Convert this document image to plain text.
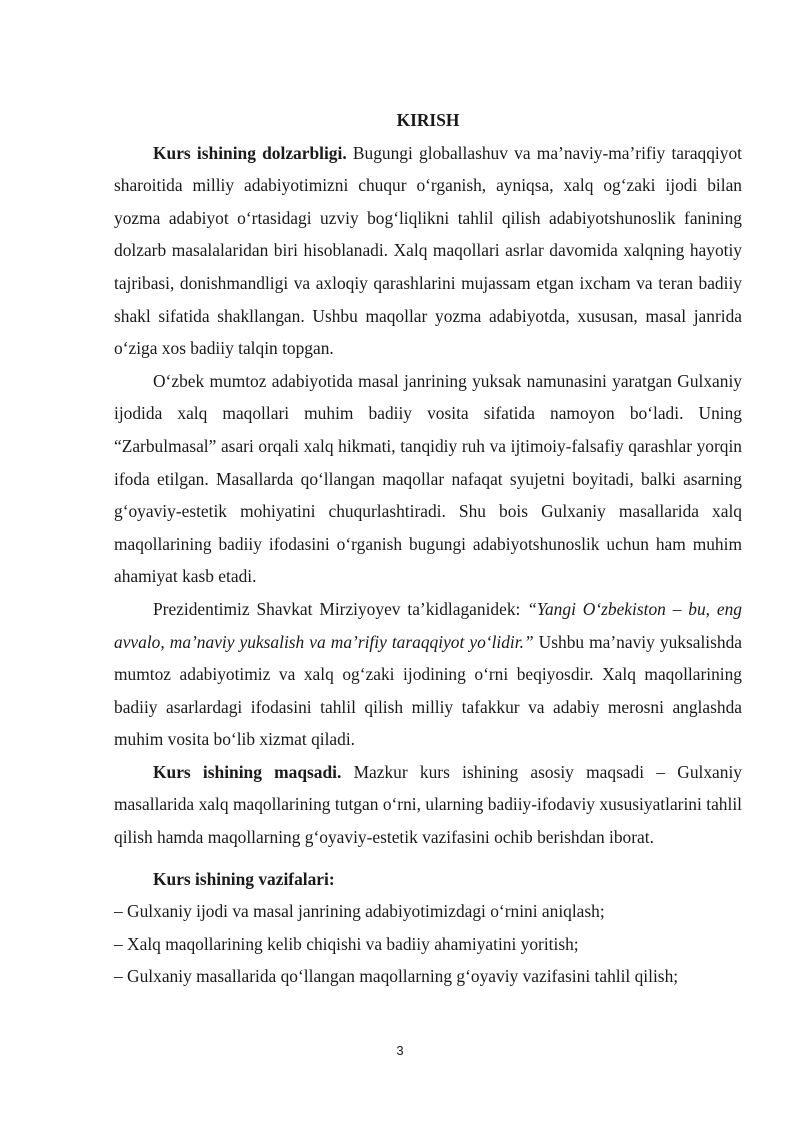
KIRISH

Kurs ishining dolzarbligi. Bugungi globallashuv va ma’naviy-ma’rifiy taraqqiyot sharoitida milliy adabiyotimizni chuqur o‘rganish, ayniqsa, xalq og‘zaki ijodi bilan yozma adabiyot o‘rtasidagi uzviy bog‘liqlikni tahlil qilish adabiyotshunoslik fanining dolzarb masalalaridan biri hisoblanadi. Xalq maqollari asrlar davomida xalqning hayotiy tajribasi, donishmandligi va axloqiy qarashlarini mujassam etgan ixcham va teran badiiy shakl sifatida shakllangan. Ushbu maqollar yozma adabiyotda, xususan, masal janrida o‘ziga xos badiiy talqin topgan.

O‘zbek mumtoz adabiyotida masal janrining yuksak namunasini yaratgan Gulxaniy ijodida xalq maqollari muhim badiiy vosita sifatida namoyon bo‘ladi. Uning “Zarbulmasal” asari orqali xalq hikmati, tanqidiy ruh va ijtimoiy-falsafiy qarashlar yorqin ifoda etilgan. Masallarda qo‘llangan maqollar nafaqat syujetni boyitadi, balki asarning g‘oyaviy-estetik mohiyatini chuqurlashtiradi. Shu bois Gulxaniy masallarida xalq maqollarining badiiy ifodasini o‘rganish bugungi adabiyotshunoslik uchun ham muhim ahamiyat kasb etadi.

Prezidentimiz Shavkat Mirziyoyev ta’kidlaganidek: “Yangi O‘zbekiston – bu, eng avvalo, ma’naviy yuksalish va ma’rifiy taraqqiyot yo‘lidir.” Ushbu ma’naviy yuksalishda mumtoz adabiyotimiz va xalq og‘zaki ijodining o‘rni beqiyosdir. Xalq maqollarining badiiy asarlardagi ifodasini tahlil qilish milliy tafakkur va adabiy merosni anglashda muhim vosita bo‘lib xizmat qiladi.

Kurs ishining maqsadi. Mazkur kurs ishining asosiy maqsadi – Gulxaniy masallarida xalq maqollarining tutgan o‘rni, ularning badiiy-ifodaviy xususiyatlarini tahlil qilish hamda maqollarning g‘oyaviy-estetik vazifasini ochib berishdan iborat.

Kurs ishining vazifalari:

– Gulxaniy ijodi va masal janrining adabiyotimizdagi o‘rnini aniqlash;

– Xalq maqollarining kelib chiqishi va badiiy ahamiyatini yoritish;

– Gulxaniy masallarida qo‘llangan maqollarning g‘oyaviy vazifasini tahlil qilish;

3
